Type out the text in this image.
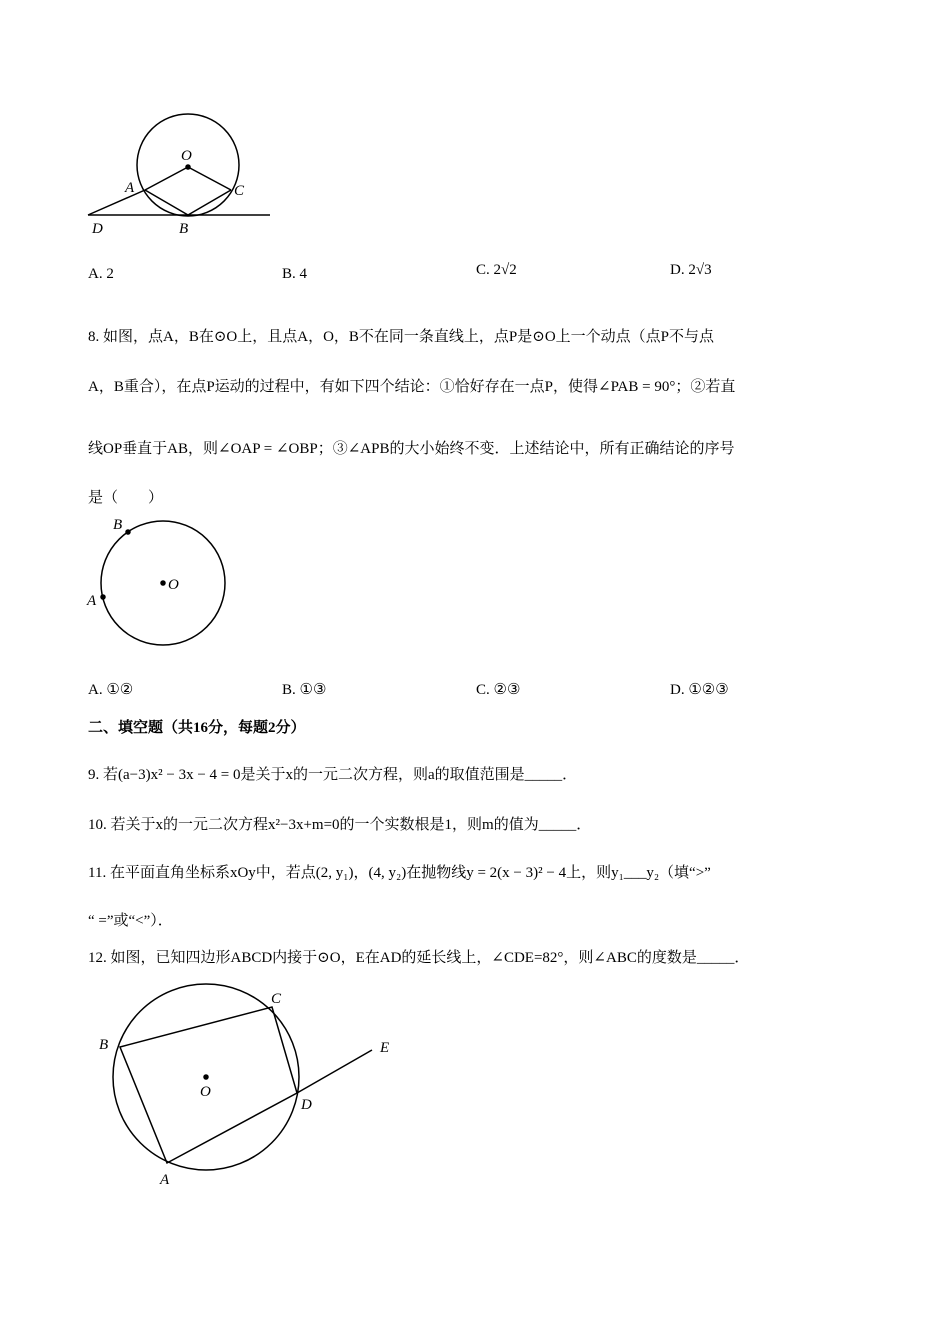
O
A	C
D	B
B
A
O
B
C
E
O
D
A
A. 2	B. 4	C. 2√2	D. 2√3
8. 如图，点A，B在⊙O上，且点A，O，B不在同一条直线上，点P是⊙O上一个动点（点P不与点
A，B重合），在点P运动的过程中，有如下四个结论：①恰好存在一点P，使得∠PAB = 90°；②若直
线OP垂直于AB，则∠OAP = ∠OBP；③∠APB的大小始终不变．上述结论中，所有正确结论的序号
是（　　）
A. ①②	B. ①③	C. ②③	D. ①②③
二、填空题（共16分，每题2分）
9. 若(a−3)x² − 3x − 4 = 0是关于x的一元二次方程，则a的取值范围是_____．
10. 若关于x的一元二次方程x²−3x+m=0的一个实数根是1，则m的值为_____．
11. 在平面直角坐标系xOy中，若点(2, y₁)，(4, y₂)在抛物线y = 2(x − 3)² − 4上，则y₁___y₂（填“>”
“ =”或“<”）．
12. 如图，已知四边形ABCD内接于⊙O，E在AD的延长线上，∠CDE=82°，则∠ABC的度数是_____．
